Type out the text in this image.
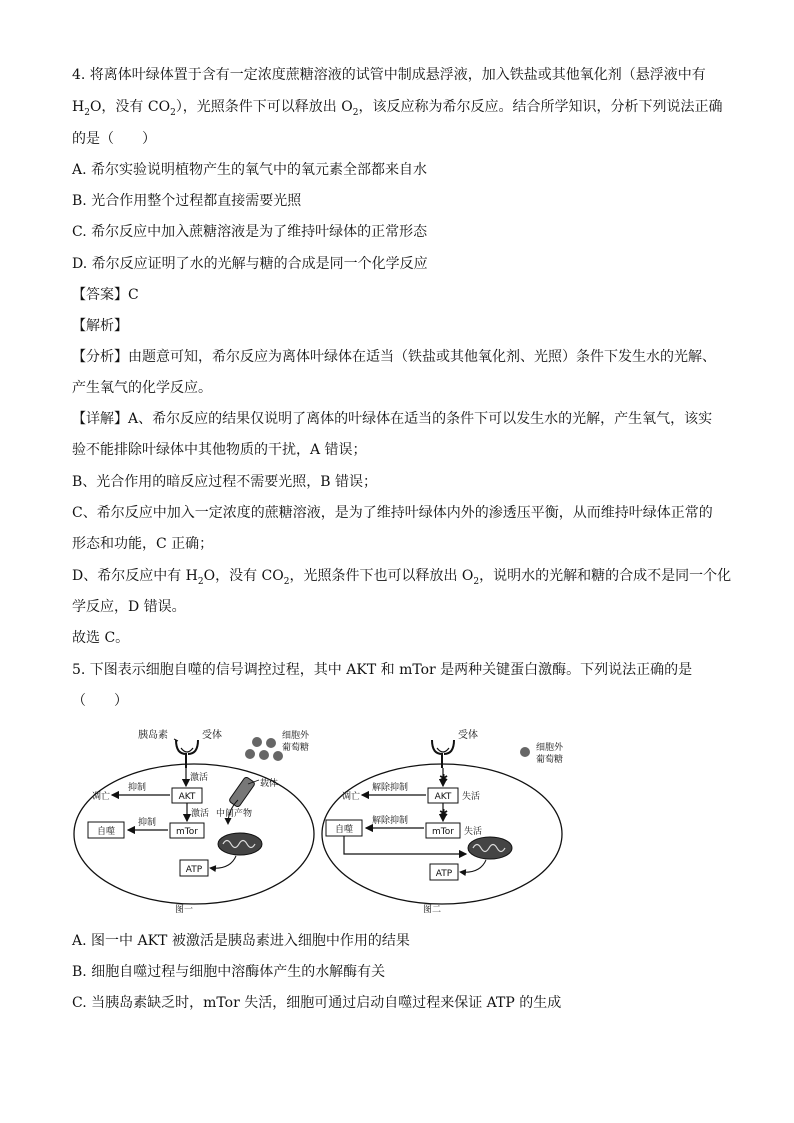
4. 将离体叶绿体置于含有一定浓度蔗糖溶液的试管中制成悬浮液，加入铁盐或其他氧化剂（悬浮液中有
$H_2O$，没有 $CO_2$），光照条件下可以释放出 $O_2$，该反应称为希尔反应。结合所学知识，分析下列说法正确
的是（　　）
A. 希尔实验说明植物产生的氧气中的氧元素全部都来自水
B. 光合作用整个过程都直接需要光照
C. 希尔反应中加入蔗糖溶液是为了维持叶绿体的正常形态
D. 希尔反应证明了水的光解与糖的合成是同一个化学反应
【答案】C
【解析】
【分析】由题意可知，希尔反应为离体叶绿体在适当（铁盐或其他氧化剂、光照）条件下发生水的光解、
产生氧气的化学反应。
【详解】A、希尔反应的结果仅说明了离体的叶绿体在适当的条件下可以发生水的光解，产生氧气，该实
验不能排除叶绿体中其他物质的干扰，A 错误；
B、光合作用的暗反应过程不需要光照，B 错误；
C、希尔反应中加入一定浓度的蔗糖溶液，是为了维持叶绿体内外的渗透压平衡，从而维持叶绿体正常的
形态和功能，C 正确；
D、希尔反应中有 $H_2O$，没有 $CO_2$，光照条件下也可以释放出 $O_2$，说明水的光解和糖的合成不是同一个化
学反应，D 错误。
故选 C。
5. 下图表示细胞自噬的信号调控过程，其中 AKT 和 mTor 是两种关键蛋白激酶。下列说法正确的是
（　　）
胰岛素	受体	细胞外
葡萄糖
载体
激活
AKT
抑制
凋亡
激活 中间产物
mTor
抑制
自噬
ATP
图一
受体
细胞外
葡萄糖
✱
AKT 失活
解除抑制
凋亡
✱
mTor 失活
解除抑制
自噬
ATP
图二
A. 图一中 AKT 被激活是胰岛素进入细胞中作用的结果
B. 细胞自噬过程与细胞中溶酶体产生的水解酶有关
C. 当胰岛素缺乏时，mTor 失活，细胞可通过启动自噬过程来保证 ATP 的生成
